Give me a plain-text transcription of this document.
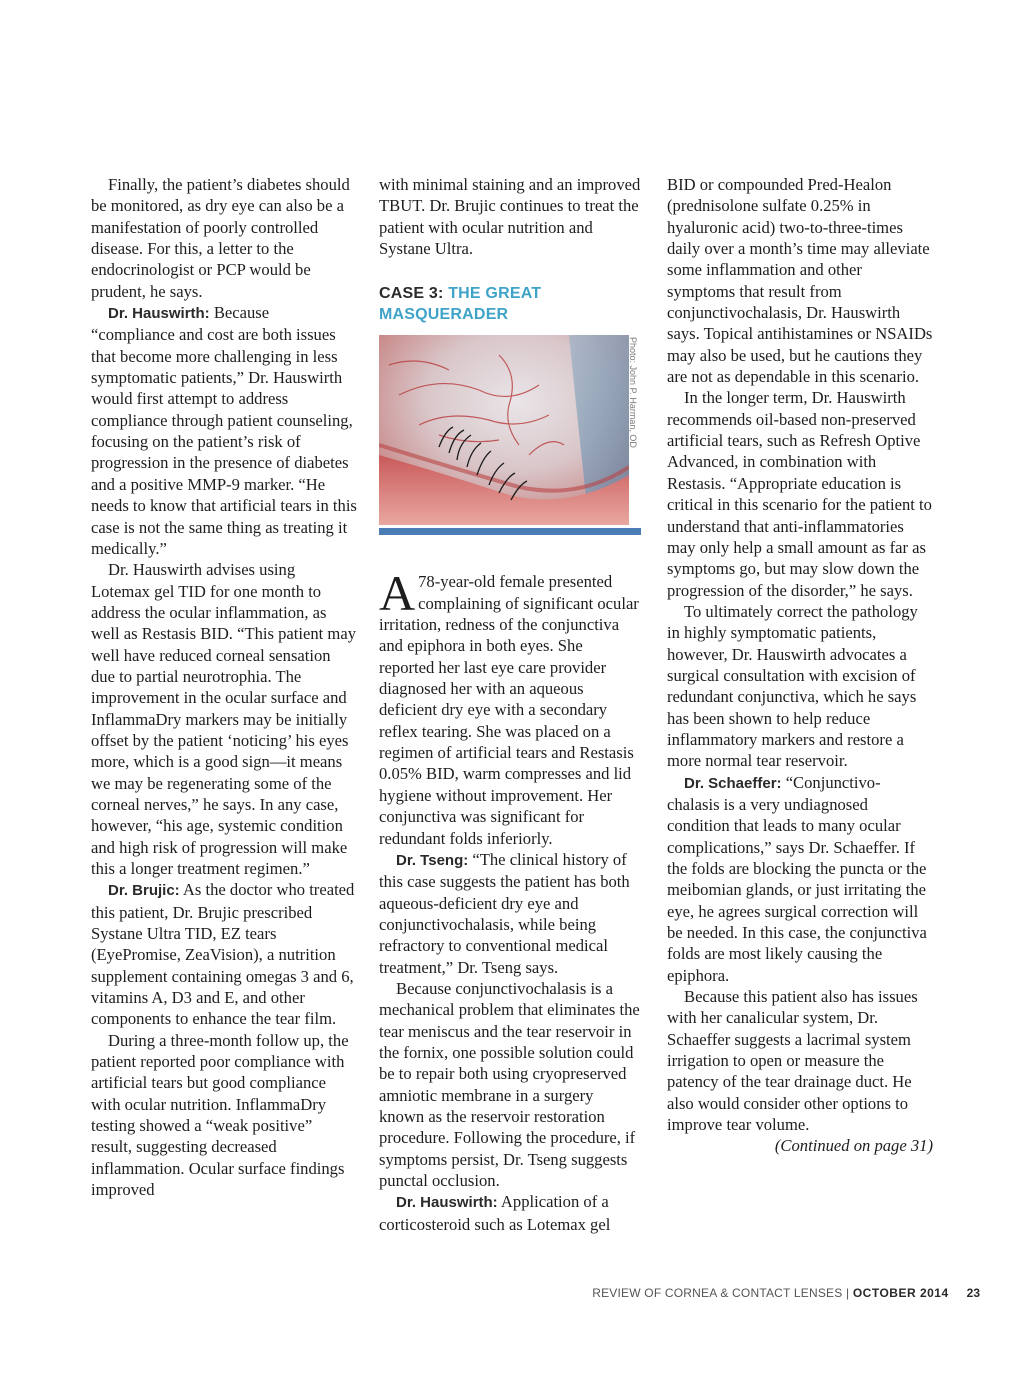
Finally, the patient’s diabetes should be monitored, as dry eye can also be a manifestation of poorly controlled disease. For this, a letter to the endocrinologist or PCP would be prudent, he says.

Dr. Hauswirth: Because “compliance and cost are both issues that become more challenging in less symptomatic patients,” Dr. Hauswirth would first attempt to address compliance through patient counseling, focusing on the patient’s risk of progression in the presence of diabetes and a positive MMP-9 marker. “He needs to know that artificial tears in this case is not the same thing as treating it medically.”

Dr. Hauswirth advises using Lotemax gel TID for one month to address the ocular inflammation, as well as Restasis BID. “This patient may well have reduced corneal sensation due to partial neurotrophia. The improvement in the ocular surface and InflammaDry markers may be initially offset by the patient ‘noticing’ his eyes more, which is a good sign—it means we may be regenerating some of the corneal nerves,” he says. In any case, however, “his age, systemic condition and high risk of progression will make this a longer treatment regimen.”

Dr. Brujic: As the doctor who treated this patient, Dr. Brujic prescribed Systane Ultra TID, EZ tears (EyePromise, ZeaVision), a nutrition supplement containing omegas 3 and 6, vitamins A, D3 and E, and other components to enhance the tear film.

During a three-month follow up, the patient reported poor compliance with artificial tears but good compliance with ocular nutrition. InflammaDry testing showed a “weak positive” result, suggesting decreased inflammation. Ocular surface findings improved

with minimal staining and an improved TBUT. Dr. Brujic continues to treat the patient with ocular nutrition and Systane Ultra.

CASE 3: THE GREAT MASQUERADER
Photo: John P. Harman, OD

A 78-year-old female presented complaining of significant ocular irritation, redness of the conjunctiva and epiphora in both eyes. She reported her last eye care provider diagnosed her with an aqueous deficient dry eye with a secondary reflex tearing. She was placed on a regimen of artificial tears and Restasis 0.05% BID, warm compresses and lid hygiene without improvement. Her conjunctiva was significant for redundant folds inferiorly.

Dr. Tseng: “The clinical history of this case suggests the patient has both aqueous-deficient dry eye and conjunctivochalasis, while being refractory to conventional medical treatment,” Dr. Tseng says.

Because conjunctivochalasis is a mechanical problem that eliminates the tear meniscus and the tear reservoir in the fornix, one possible solution could be to repair both using cryopreserved amniotic membrane in a surgery known as the reservoir restoration procedure. Following the procedure, if symptoms persist, Dr. Tseng suggests punctal occlusion.

Dr. Hauswirth: Application of a corticosteroid such as Lotemax gel

BID or compounded Pred-Healon (prednisolone sulfate 0.25% in hyaluronic acid) two-to-three-times daily over a month’s time may alleviate some inflammation and other symptoms that result from conjunctivochalasis, Dr. Hauswirth says. Topical antihistamines or NSAIDs may also be used, but he cautions they are not as dependable in this scenario.

In the longer term, Dr. Hauswirth recommends oil-based non-preserved artificial tears, such as Refresh Optive Advanced, in combination with Restasis. “Appropriate education is critical in this scenario for the patient to understand that anti-inflammatories may only help a small amount as far as symptoms go, but may slow down the progression of the disorder,” he says.

To ultimately correct the pathology in highly symptomatic patients, however, Dr. Hauswirth advocates a surgical consultation with excision of redundant conjunctiva, which he says has been shown to help reduce inflammatory markers and restore a more normal tear reservoir.

Dr. Schaeffer: “Conjunctivo-chalasis is a very undiagnosed condition that leads to many ocular complications,” says Dr. Schaeffer. If the folds are blocking the puncta or the meibomian glands, or just irritating the eye, he agrees surgical correction will be needed. In this case, the conjunctiva folds are most likely causing the epiphora.

Because this patient also has issues with her canalicular system, Dr. Schaeffer suggests a lacrimal system irrigation to open or measure the patency of the tear drainage duct. He also would consider other options to improve tear volume.

(Continued on page 31)

REVIEW OF CORNEA & CONTACT LENSES | OCTOBER 2014 23
